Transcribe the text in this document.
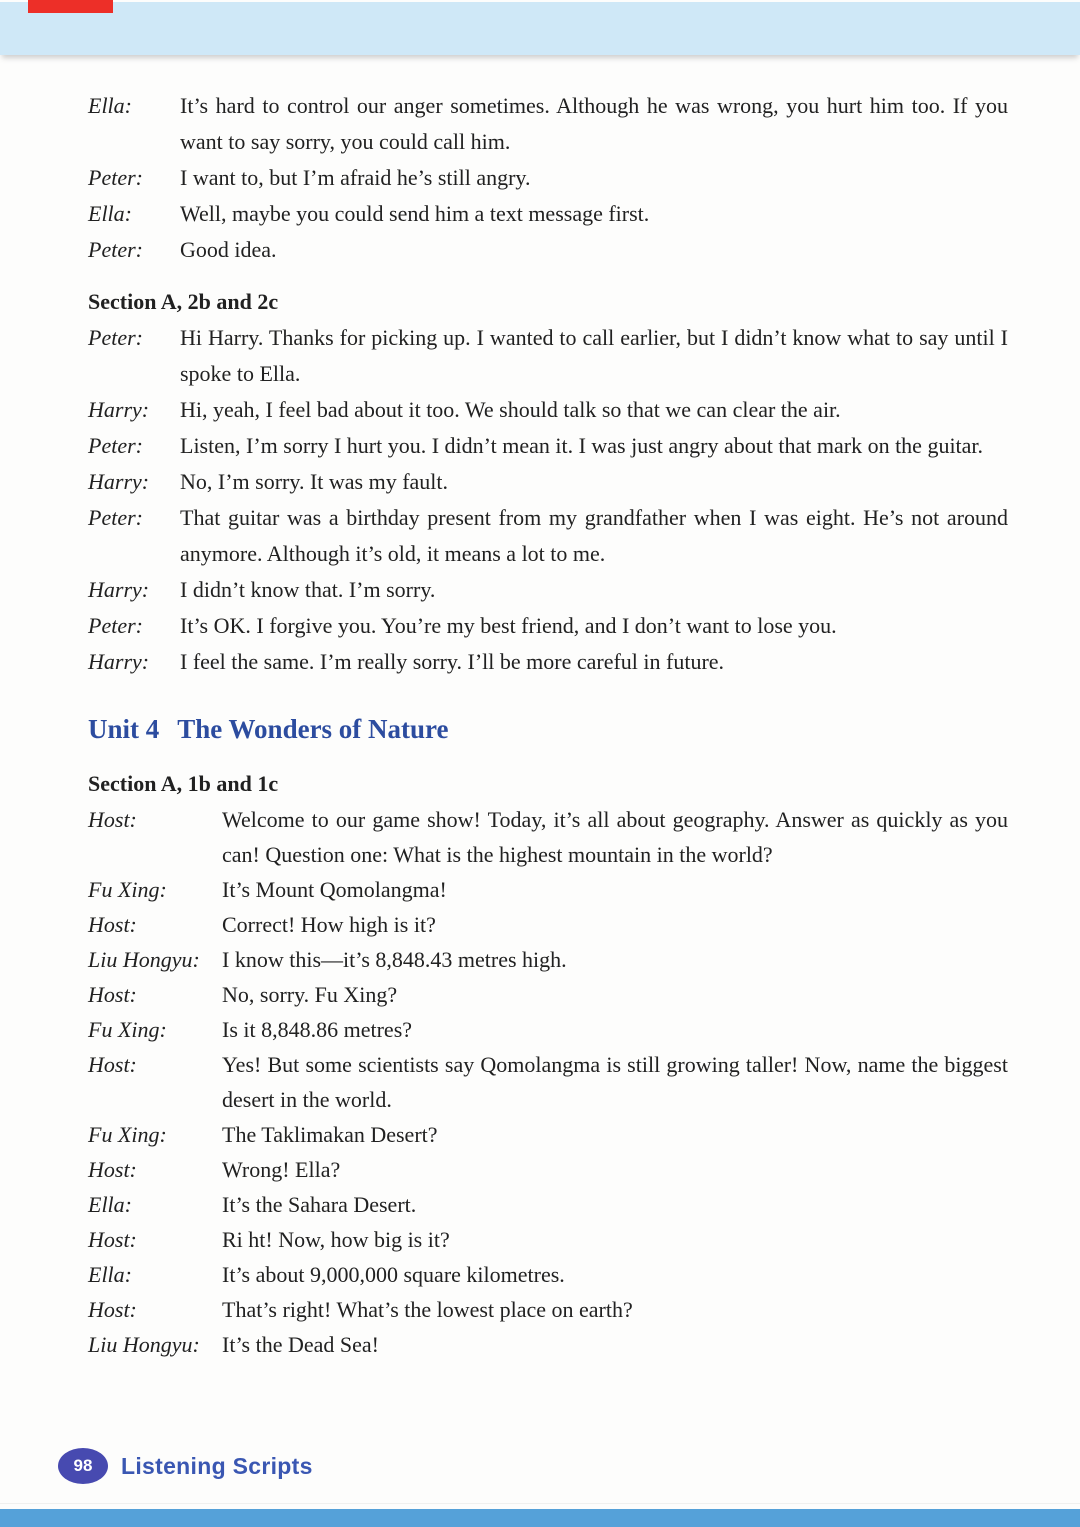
Ella:	It’s hard to control our anger sometimes. Although he was wrong, you hurt him too. If you want to say sorry, you could call him.
Peter:	I want to, but I’m afraid he’s still angry.
Ella:	Well, maybe you could send him a text message first.
Peter:	Good idea.
Section A, 2b and 2c
Peter:	Hi Harry. Thanks for picking up. I wanted to call earlier, but I didn’t know what to say until I spoke to Ella.
Harry:	Hi, yeah, I feel bad about it too. We should talk so that we can clear the air.
Peter:	Listen, I’m sorry I hurt you. I didn’t mean it. I was just angry about that mark on the guitar.
Harry:	No, I’m sorry. It was my fault.
Peter:	That guitar was a birthday present from my grandfather when I was eight. He’s not around anymore. Although it’s old, it means a lot to me.
Harry:	I didn’t know that. I’m sorry.
Peter:	It’s OK. I forgive you. You’re my best friend, and I don’t want to lose you.
Harry:	I feel the same. I’m really sorry. I’ll be more careful in future.
Unit 4 The Wonders of Nature
Section A, 1b and 1c
Host:	Welcome to our game show! Today, it’s all about geography. Answer as quickly as you can! Question one: What is the highest mountain in the world?
Fu Xing:	It’s Mount Qomolangma!
Host:	Correct! How high is it?
Liu Hongyu:	I know this—it’s 8,848.43 metres high.
Host:	No, sorry. Fu Xing?
Fu Xing:	Is it 8,848.86 metres?
Host:	Yes! But some scientists say Qomolangma is still growing taller! Now, name the biggest desert in the world.
Fu Xing:	The Taklimakan Desert?
Host:	Wrong! Ella?
Ella:	It’s the Sahara Desert.
Host:	Ri ht! Now, how big is it?
Ella:	It’s about 9,000,000 square kilometres.
Host:	That’s right! What’s the lowest place on earth?
Liu Hongyu:	It’s the Dead Sea!
98 Listening Scripts
